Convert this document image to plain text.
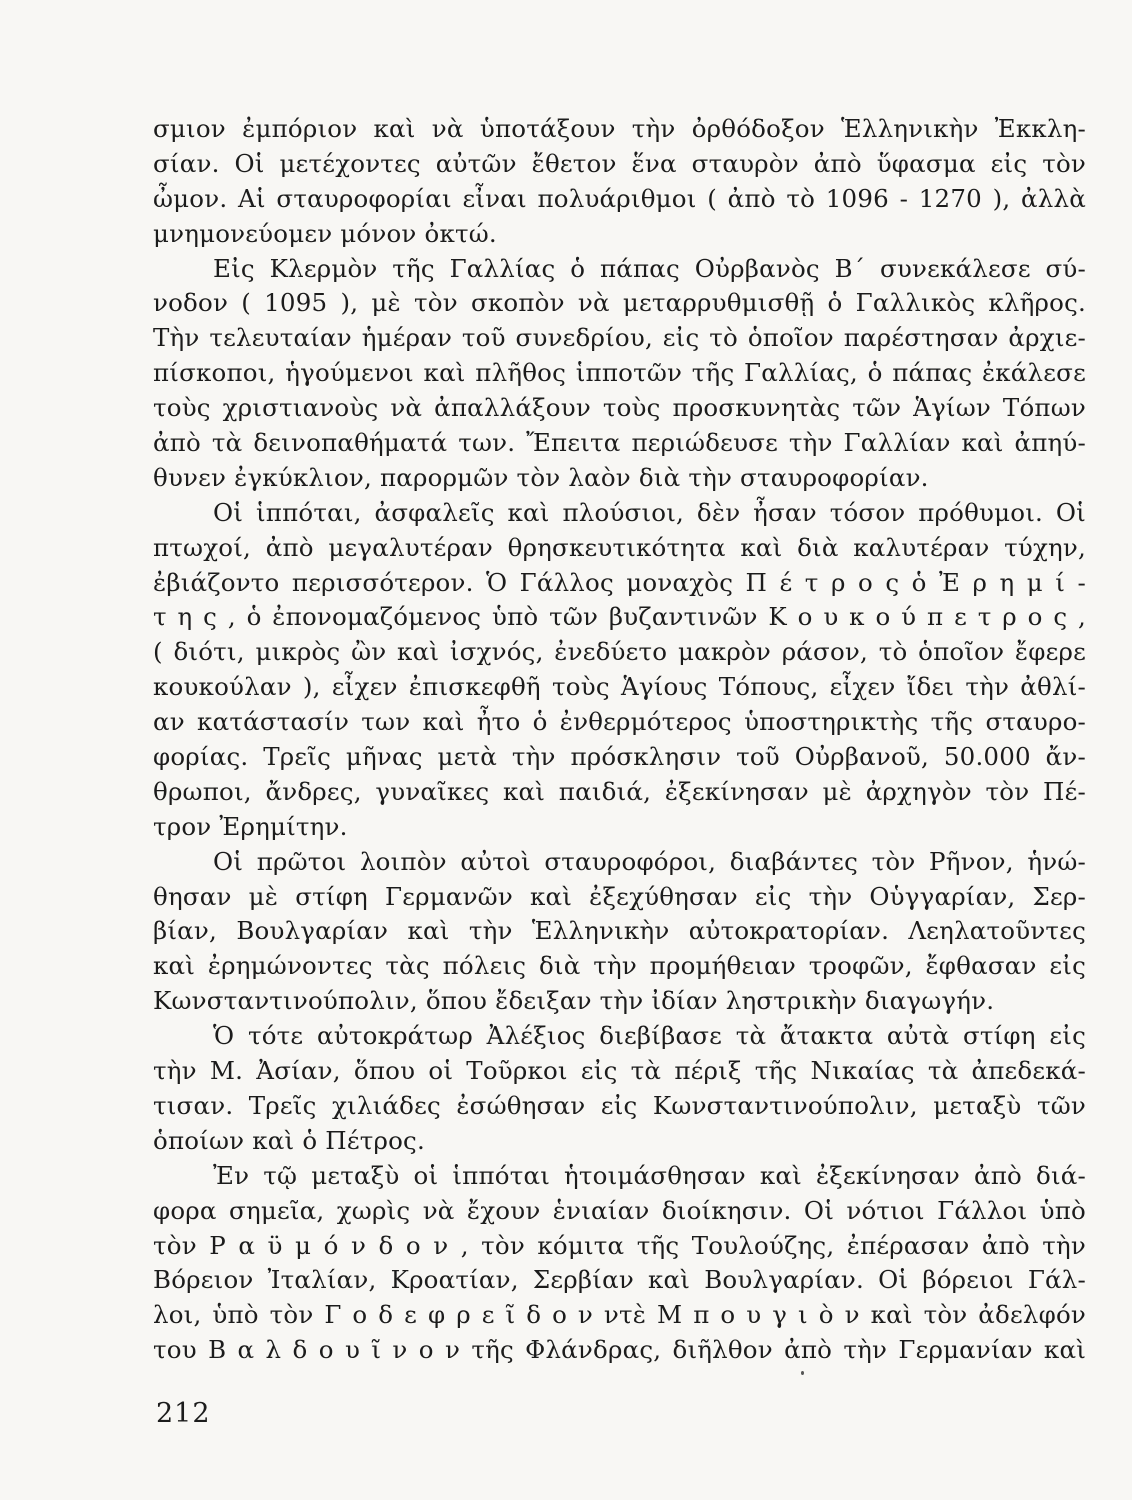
σμιον ἐμπόριον καὶ νὰ ὑποτάξουν τὴν ὀρθόδοξον Ἑλληνικὴν Ἐκκλη-
σίαν. Οἱ μετέχοντες αὐτῶν ἔθετον ἕνα σταυρὸν ἀπὸ ὕφασμα εἰς τὸν
ὦμον. Αἱ σταυροφορίαι εἶναι πολυάριθμοι ( ἀπὸ τὸ 1096 - 1270 ), ἀλλὰ
μνημονεύομεν μόνον ὀκτώ.
Εἰς Κλερμὸν τῆς Γαλλίας ὁ πάπας Οὐρβανὸς Β΄ συνεκάλεσε σύ-
νοδον ( 1095 ), μὲ τὸν σκοπὸν νὰ μεταρρυθμισθῇ ὁ Γαλλικὸς κλῆρος.
Τὴν τελευταίαν ἡμέραν τοῦ συνεδρίου, εἰς τὸ ὁποῖον παρέστησαν ἀρχιε-
πίσκοποι, ἡγούμενοι καὶ πλῆθος ἱπποτῶν τῆς Γαλλίας, ὁ πάπας ἐκάλεσε
τοὺς χριστιανοὺς νὰ ἀπαλλάξουν τοὺς προσκυνητὰς τῶν Ἁγίων Τόπων
ἀπὸ τὰ δεινοπαθήματά των. Ἔπειτα περιώδευσε τὴν Γαλλίαν καὶ ἀπηύ-
θυνεν ἐγκύκλιον, παρορμῶν τὸν λαὸν διὰ τὴν σταυροφορίαν.
Οἱ ἱππόται, ἀσφαλεῖς καὶ πλούσιοι, δὲν ἦσαν τόσον πρόθυμοι. Οἱ
πτωχοί, ἀπὸ μεγαλυτέραν θρησκευτικότητα καὶ διὰ καλυτέραν τύχην,
ἐβιάζοντο περισσότερον. Ὁ Γάλλος μοναχὸς Π έ τ ρ ο ς ὁ Ἐ ρ η μ ί -
τ η ς , ὁ ἐπονομαζόμενος ὑπὸ τῶν βυζαντινῶν Κ ο υ κ ο ύ π ε τ ρ ο ς ,
( διότι, μικρὸς ὢν καὶ ἰσχνός, ἐνεδύετο μακρὸν ράσον, τὸ ὁποῖον ἔφερε
κουκούλαν ), εἶχεν ἐπισκεφθῆ τοὺς Ἁγίους Τόπους, εἶχεν ἴδει τὴν ἀθλί-
αν κατάστασίν των καὶ ἦτο ὁ ἐνθερμότερος ὑποστηρικτὴς τῆς σταυρο-
φορίας. Τρεῖς μῆνας μετὰ τὴν πρόσκλησιν τοῦ Οὐρβανοῦ, 50.000 ἄν-
θρωποι, ἄνδρες, γυναῖκες καὶ παιδιά, ἐξεκίνησαν μὲ ἀρχηγὸν τὸν Πέ-
τρον Ἐρημίτην.
Οἱ πρῶτοι λοιπὸν αὐτοὶ σταυροφόροι, διαβάντες τὸν Ρῆνον, ἡνώ-
θησαν μὲ στίφη Γερμανῶν καὶ ἐξεχύθησαν εἰς τὴν Οὑγγαρίαν, Σερ-
βίαν, Βουλγαρίαν καὶ τὴν Ἑλληνικὴν αὐτοκρατορίαν. Λεηλατοῦντες
καὶ ἐρημώνοντες τὰς πόλεις διὰ τὴν προμήθειαν τροφῶν, ἔφθασαν εἰς
Κωνσταντινούπολιν, ὅπου ἔδειξαν τὴν ἰδίαν ληστρικὴν διαγωγήν.
Ὁ τότε αὐτοκράτωρ Ἀλέξιος διεβίβασε τὰ ἄτακτα αὐτὰ στίφη εἰς
τὴν Μ. Ἀσίαν, ὅπου οἱ Τοῦρκοι εἰς τὰ πέριξ τῆς Νικαίας τὰ ἀπεδεκά-
τισαν. Τρεῖς χιλιάδες ἐσώθησαν εἰς Κωνσταντινούπολιν, μεταξὺ τῶν
ὁποίων καὶ ὁ Πέτρος.
Ἐν τῷ μεταξὺ οἱ ἱππόται ἡτοιμάσθησαν καὶ ἐξεκίνησαν ἀπὸ διά-
φορα σημεῖα, χωρὶς νὰ ἔχουν ἑνιαίαν διοίκησιν. Οἱ νότιοι Γάλλοι ὑπὸ
τὸν Ρ α ϋ μ ό ν δ ο ν , τὸν κόμιτα τῆς Τουλούζης, ἐπέρασαν ἀπὸ τὴν
Βόρειον Ἰταλίαν, Κροατίαν, Σερβίαν καὶ Βουλγαρίαν. Οἱ βόρειοι Γάλ-
λοι, ὑπὸ τὸν Γ ο δ ε φ ρ ε ῖ δ ο ν ντὲ Μ π ο υ γ ι ὸ ν καὶ τὸν ἀδελφόν
του Β α λ δ ο υ ῖ ν ο ν τῆς Φλάνδρας, διῆλθον ἀπὸ τὴν Γερμανίαν καὶ
212
